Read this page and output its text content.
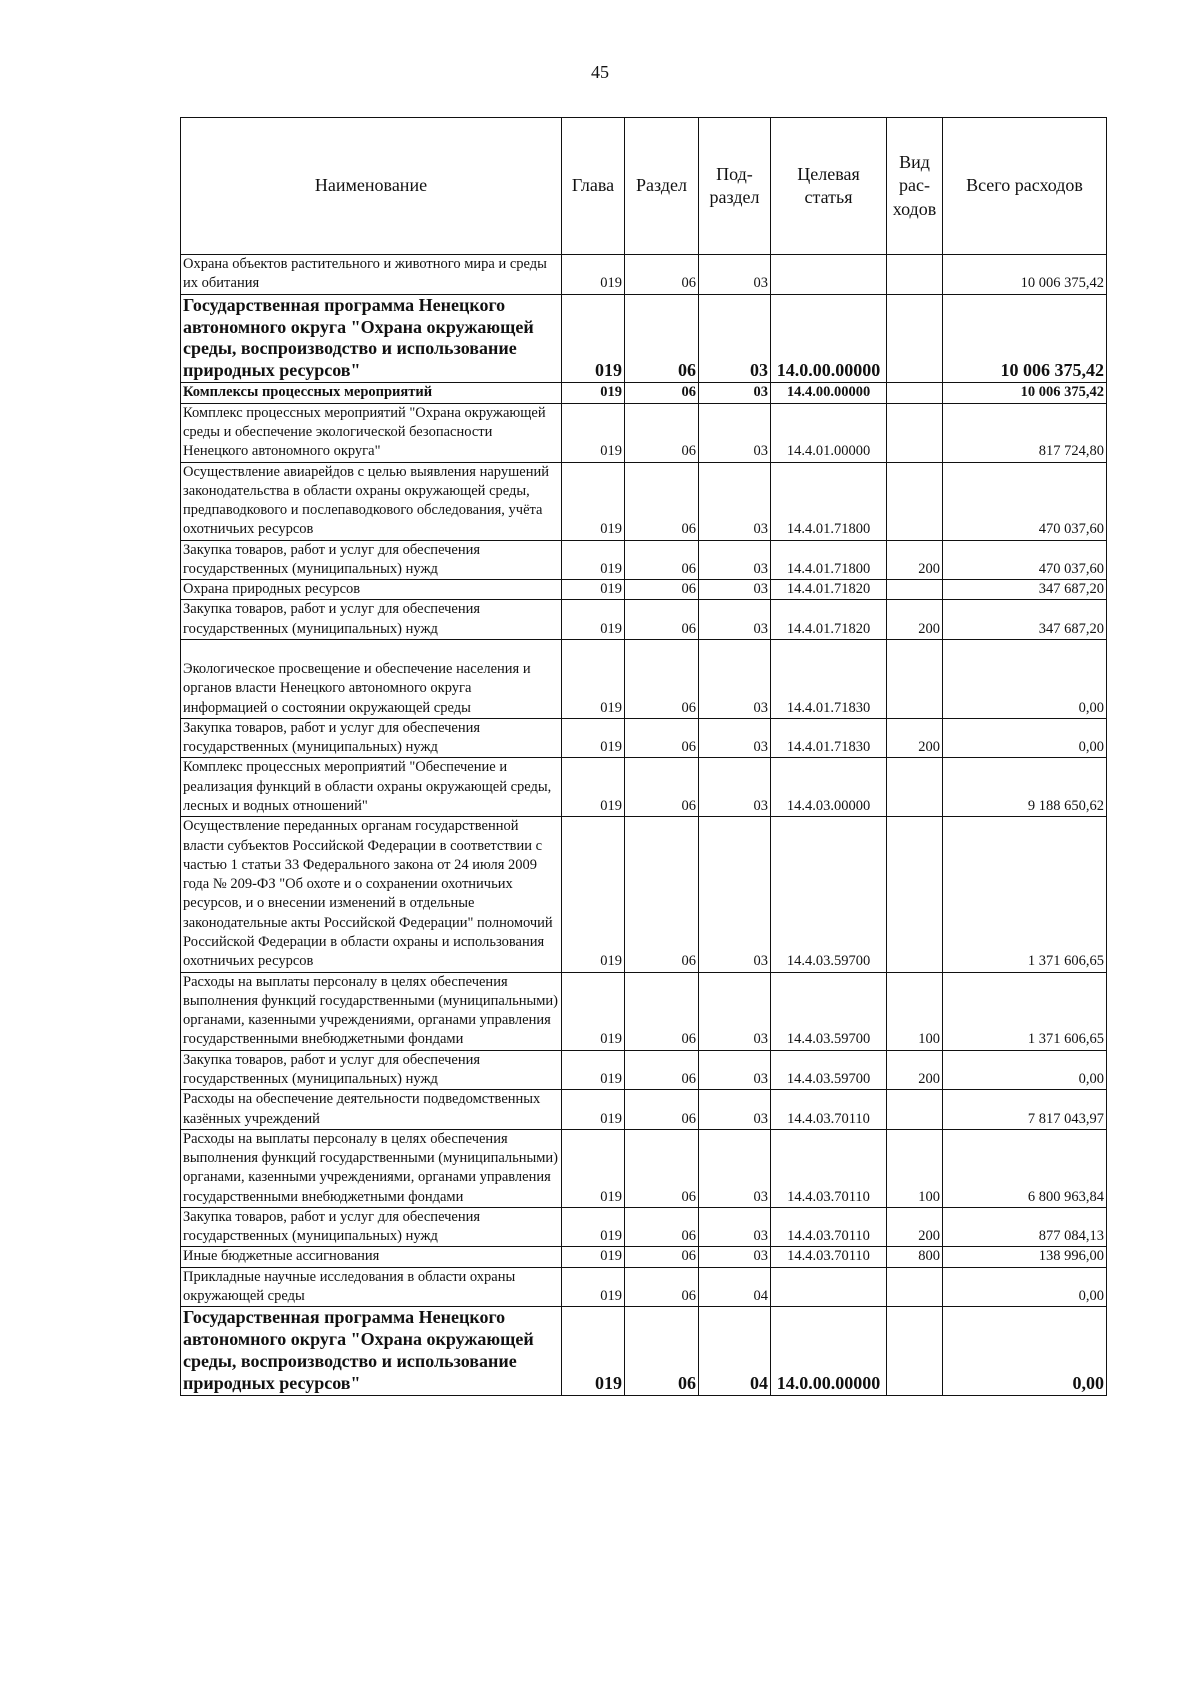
45
Наименование	Глава	Раздел	Под-раздел	Целевая статья	Вид рас-ходов	Всего расходов
Охрана объектов растительного и животного мира и среды их обитания	019	06	03			10 006 375,42
Государственная программа Ненецкого автономного округа "Охрана окружающей среды, воспроизводство и использование природных ресурсов"	019	06	03	14.0.00.00000		10 006 375,42
Комплексы процессных мероприятий	019	06	03	14.4.00.00000		10 006 375,42
Комплекс процессных мероприятий "Охрана окружающей среды и обеспечение экологической безопасности Ненецкого автономного округа"	019	06	03	14.4.01.00000		817 724,80
Осуществление авиарейдов с целью выявления нарушений законодательства в области охраны окружающей среды, предпаводкового и послепаводкового обследования, учёта охотничьих ресурсов	019	06	03	14.4.01.71800		470 037,60
Закупка товаров, работ и услуг для обеспечения государственных (муниципальных) нужд	019	06	03	14.4.01.71800	200	470 037,60
Охрана природных ресурсов	019	06	03	14.4.01.71820		347 687,20
Закупка товаров, работ и услуг для обеспечения государственных (муниципальных) нужд	019	06	03	14.4.01.71820	200	347 687,20
Экологическое просвещение и обеспечение населения и органов власти Ненецкого автономного округа информацией о состоянии окружающей среды	019	06	03	14.4.01.71830		0,00
Закупка товаров, работ и услуг для обеспечения государственных (муниципальных) нужд	019	06	03	14.4.01.71830	200	0,00
Комплекс процессных мероприятий "Обеспечение и реализация функций в области охраны окружающей среды, лесных и водных отношений"	019	06	03	14.4.03.00000		9 188 650,62
Осуществление переданных органам государственной власти субъектов Российской Федерации в соответствии с частью 1 статьи 33 Федерального закона от 24 июля 2009 года № 209-ФЗ "Об охоте и о сохранении охотничьих ресурсов, и о внесении изменений в отдельные законодательные акты Российской Федерации" полномочий Российской Федерации в области охраны и использования охотничьих ресурсов	019	06	03	14.4.03.59700		1 371 606,65
Расходы на выплаты персоналу в целях обеспечения выполнения функций государственными (муниципальными) органами, казенными учреждениями, органами управления государственными внебюджетными фондами	019	06	03	14.4.03.59700	100	1 371 606,65
Закупка товаров, работ и услуг для обеспечения государственных (муниципальных) нужд	019	06	03	14.4.03.59700	200	0,00
Расходы на обеспечение деятельности подведомственных казённых учреждений	019	06	03	14.4.03.70110		7 817 043,97
Расходы на выплаты персоналу в целях обеспечения выполнения функций государственными (муниципальными) органами, казенными учреждениями, органами управления государственными внебюджетными фондами	019	06	03	14.4.03.70110	100	6 800 963,84
Закупка товаров, работ и услуг для обеспечения государственных (муниципальных) нужд	019	06	03	14.4.03.70110	200	877 084,13
Иные бюджетные ассигнования	019	06	03	14.4.03.70110	800	138 996,00
Прикладные научные исследования в области охраны окружающей среды	019	06	04			0,00
Государственная программа Ненецкого автономного округа "Охрана окружающей среды, воспроизводство и использование природных ресурсов"	019	06	04	14.0.00.00000		0,00
